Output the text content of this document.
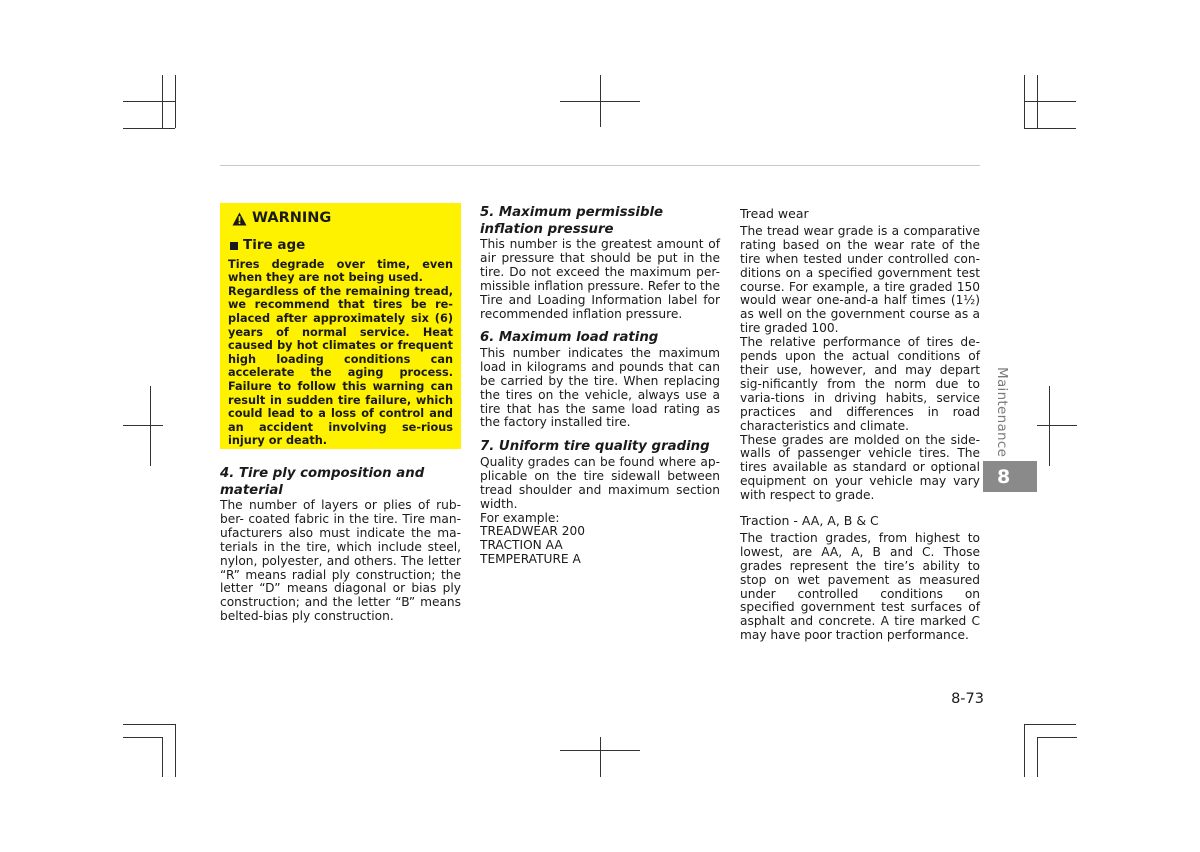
WARNING
Tire age

Tires degrade over time, even when they are not being used.

Regardless of the remaining tread, we recommend that tires be re-placed after approximately six (6) years of normal service. Heat caused by hot climates or frequent high loading conditions can accelerate the aging process. Failure to follow this warning can result in sudden tire failure, which could lead to a loss of control and an accident involving se-rious injury or death.

4. Tire ply composition and material

The number of layers or plies of rub-ber- coated fabric in the tire. Tire man-ufacturers also must indicate the ma-terials in the tire, which include steel, nylon, polyester, and others. The letter “R” means radial ply construction; the letter “D” means diagonal or bias ply construction; and the letter “B” means belted-bias ply construction.

5. Maximum permissible inflation pressure

This number is the greatest amount of air pressure that should be put in the tire. Do not exceed the maximum per-missible inflation pressure. Refer to the Tire and Loading Information label for recommended inflation pressure.

6. Maximum load rating

This number indicates the maximum load in kilograms and pounds that can be carried by the tire. When replacing the tires on the vehicle, always use a tire that has the same load rating as the factory installed tire.

7. Uniform tire quality grading

Quality grades can be found where ap-plicable on the tire sidewall between tread shoulder and maximum section width.

For example:

TREADWEAR 200

TRACTION AA

TEMPERATURE A

Tread wear

The tread wear grade is a comparative rating based on the wear rate of the tire when tested under controlled con-ditions on a specified government test course. For example, a tire graded 150 would wear one-and-a half times (1½) as well on the government course as a tire graded 100.

The relative performance of tires de-pends upon the actual conditions of their use, however, and may depart sig-nificantly from the norm due to varia-tions in driving habits, service practices and differences in road characteristics and climate.

These grades are molded on the side-walls of passenger vehicle tires. The tires available as standard or optional equipment on your vehicle may vary with respect to grade.

Traction - AA, A, B & C

The traction grades, from highest to lowest, are AA, A, B and C. Those grades represent the tire’s ability to stop on wet pavement as measured under controlled conditions on specified government test surfaces of asphalt and concrete. A tire marked C may have poor traction performance.

Maintenance
8
8-73
